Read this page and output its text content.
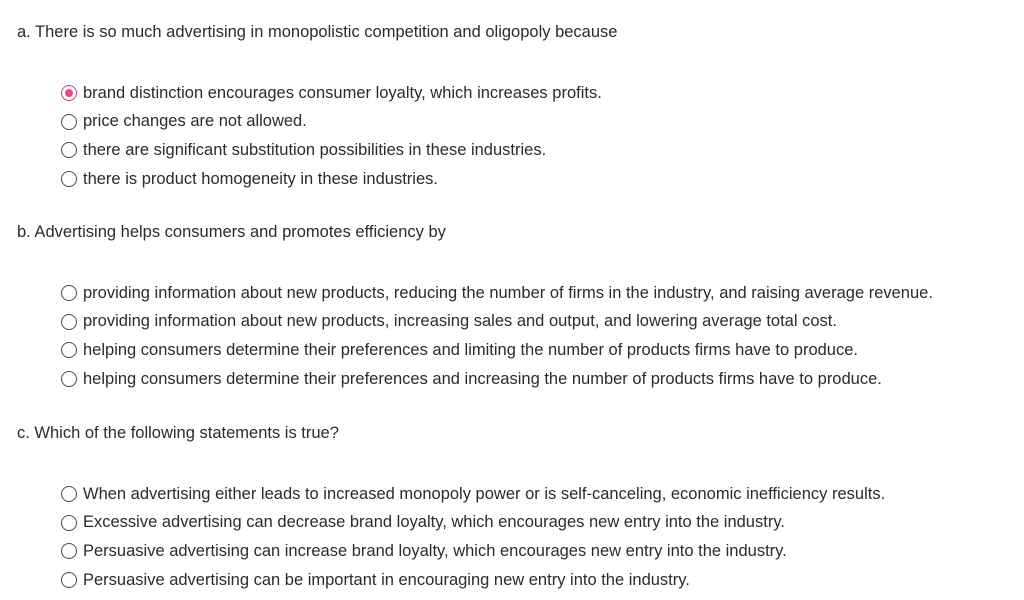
a. There is so much advertising in monopolistic competition and oligopoly because

brand distinction encourages consumer loyalty, which increases profits.
price changes are not allowed.
there are significant substitution possibilities in these industries.
there is product homogeneity in these industries.

b. Advertising helps consumers and promotes efficiency by

providing information about new products, reducing the number of firms in the industry, and raising average revenue.
providing information about new products, increasing sales and output, and lowering average total cost.
helping consumers determine their preferences and limiting the number of products firms have to produce.
helping consumers determine their preferences and increasing the number of products firms have to produce.

c. Which of the following statements is true?

When advertising either leads to increased monopoly power or is self-canceling, economic inefficiency results.
Excessive advertising can decrease brand loyalty, which encourages new entry into the industry.
Persuasive advertising can increase brand loyalty, which encourages new entry into the industry.
Persuasive advertising can be important in encouraging new entry into the industry.
